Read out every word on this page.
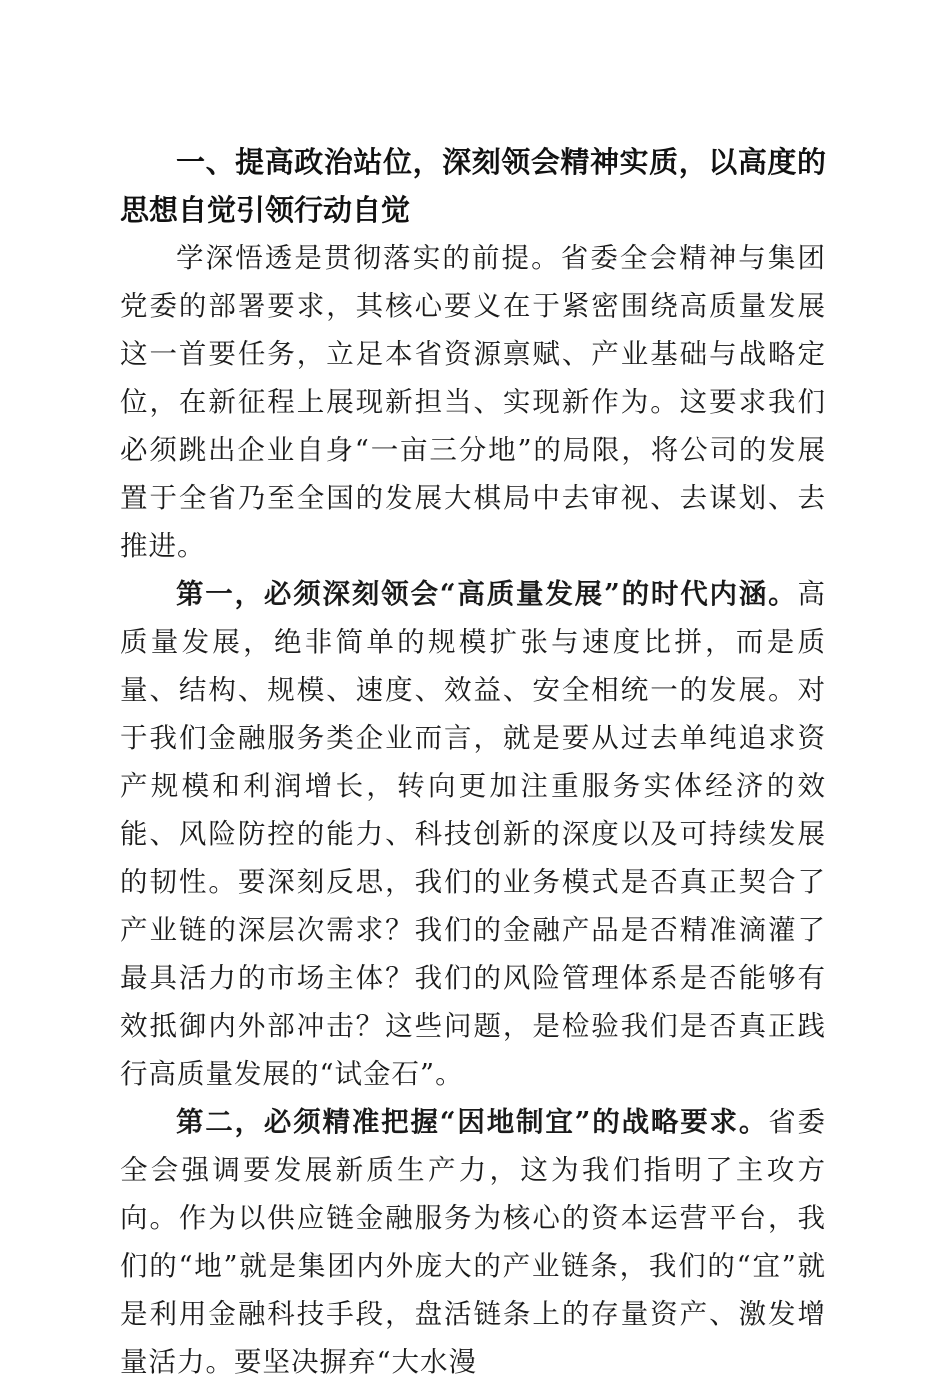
一、提高政治站位，深刻领会精神实质，以高度的思想自觉引领行动自觉

学深悟透是贯彻落实的前提。省委全会精神与集团党委的部署要求，其核心要义在于紧密围绕高质量发展这一首要任务，立足本省资源禀赋、产业基础与战略定位，在新征程上展现新担当、实现新作为。这要求我们必须跳出企业自身“一亩三分地”的局限，将公司的发展置于全省乃至全国的发展大棋局中去审视、去谋划、去推进。

第一，必须深刻领会“高质量发展”的时代内涵。高质量发展，绝非简单的规模扩张与速度比拼，而是质量、结构、规模、速度、效益、安全相统一的发展。对于我们金融服务类企业而言，就是要从过去单纯追求资产规模和利润增长，转向更加注重服务实体经济的效能、风险防控的能力、科技创新的深度以及可持续发展的韧性。要深刻反思，我们的业务模式是否真正契合了产业链的深层次需求？我们的金融产品是否精准滴灌了最具活力的市场主体？我们的风险管理体系是否能够有效抵御内外部冲击？这些问题，是检验我们是否真正践行高质量发展的“试金石”。

第二，必须精准把握“因地制宜”的战略要求。省委全会强调要发展新质生产力，这为我们指明了主攻方向。作为以供应链金融服务为核心的资本运营平台，我们的“地”就是集团内外庞大的产业链条，我们的“宜”就是利用金融科技手段，盘活链条上的存量资产、激发增量活力。要坚决摒弃“大水漫
